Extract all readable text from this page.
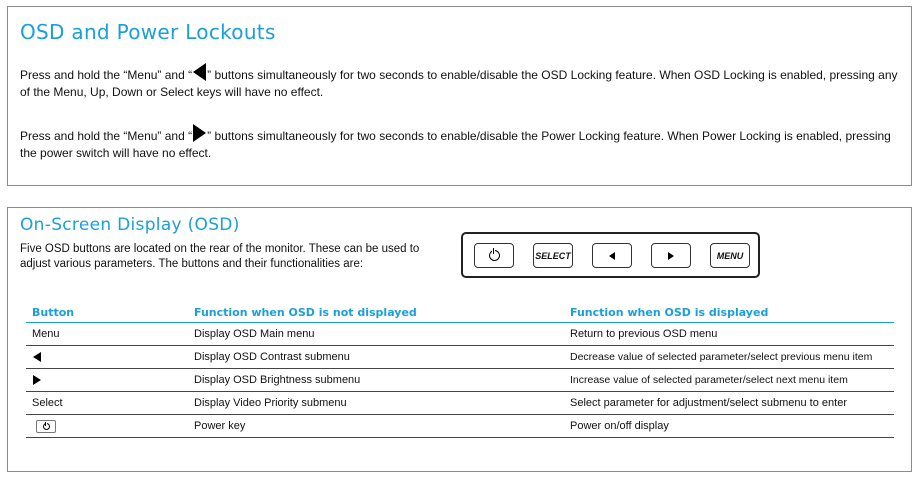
OSD and Power Lockouts
Press and hold the “Menu” and “ ” buttons simultaneously for two seconds to enable/disable the OSD Locking feature. When OSD Locking is enabled, pressing any of the Menu, Up, Down or Select keys will have no effect.
Press and hold the “Menu” and “ ” buttons simultaneously for two seconds to enable/disable the Power Locking feature. When Power Locking is enabled, pressing the power switch will have no effect.
On-Screen Display (OSD)
Five OSD buttons are located on the rear of the monitor. These can be used to adjust various parameters. The buttons and their functionalities are:
SELECT	MENU
Button	Function when OSD is not displayed	Function when OSD is displayed
Menu	Display OSD Main menu	Return to previous OSD menu
	Display OSD Contrast submenu	Decrease value of selected parameter/select previous menu item
	Display OSD Brightness submenu	Increase value of selected parameter/select next menu item
Select	Display Video Priority submenu	Select parameter for adjustment/select submenu to enter

	Power key	Power on/off display
